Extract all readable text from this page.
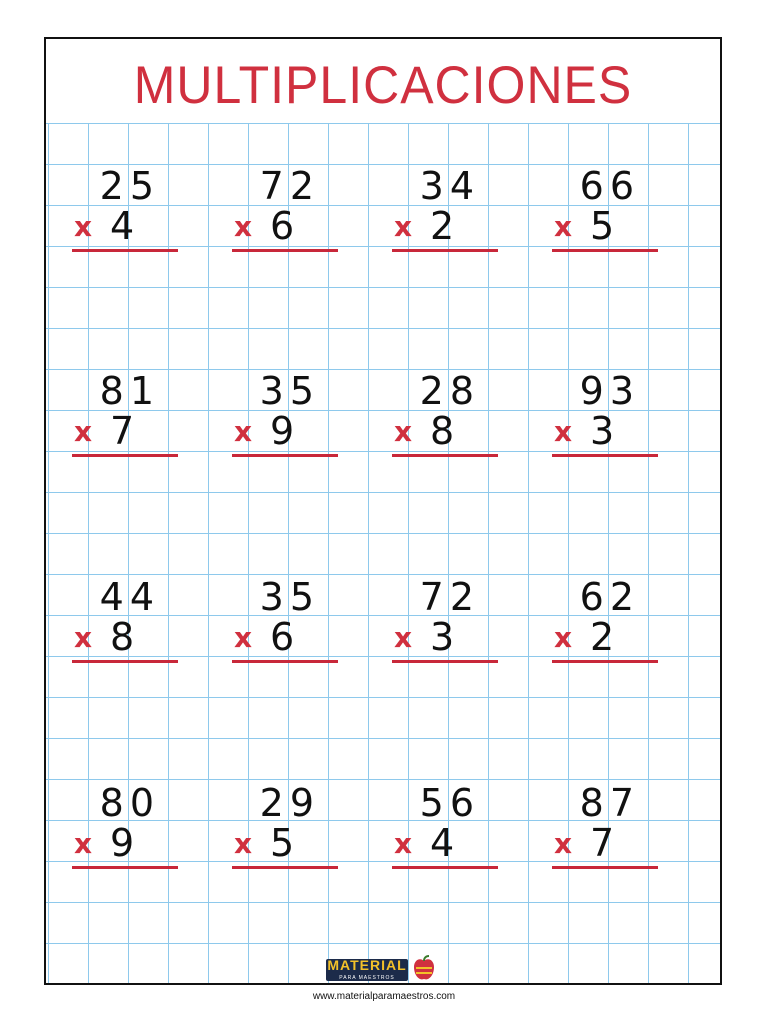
MULTIPLICACIONES
25
x 4
72
x 6
34
x 2
66
x 5
81
x 7
35
x 9
28
x 8
93
x 3
44
x 8
35
x 6
72
x 3
62
x 2
80
x 9
29
x 5
56
x 4
87
x 7
MATERIAL
PARA MAESTROS
www.materialparamaestros.com
